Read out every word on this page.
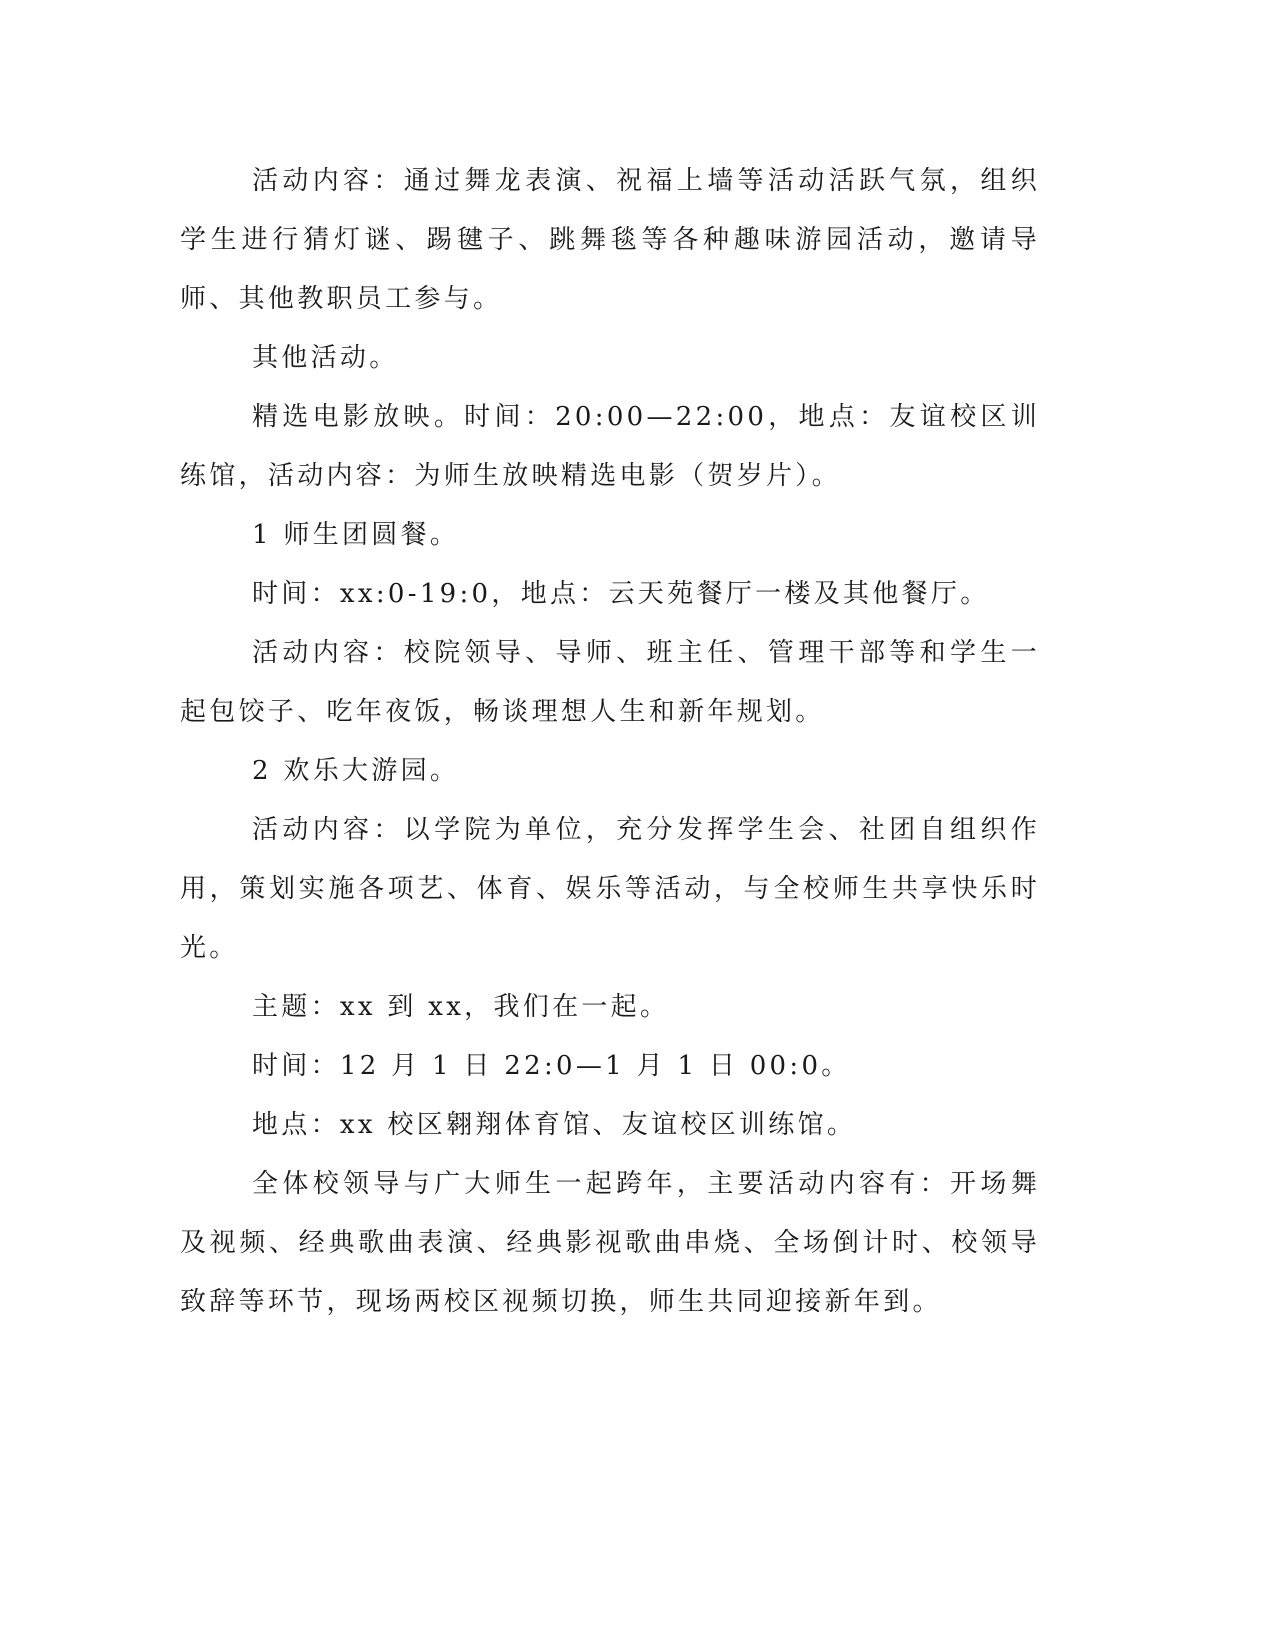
活动内容：通过舞龙表演、祝福上墙等活动活跃气氛，组织学生进行猜灯谜、踢毽子、跳舞毯等各种趣味游园活动，邀请导师、其他教职员工参与。

其他活动。

精选电影放映。时间：20:00—22:00，地点：友谊校区训练馆，活动内容：为师生放映精选电影（贺岁片）。

1 师生团圆餐。

时间：xx:0-19:0，地点：云天苑餐厅一楼及其他餐厅。

活动内容：校院领导、导师、班主任、管理干部等和学生一起包饺子、吃年夜饭，畅谈理想人生和新年规划。

2 欢乐大游园。

活动内容：以学院为单位，充分发挥学生会、社团自组织作用，策划实施各项艺、体育、娱乐等活动，与全校师生共享快乐时光。

主题：xx 到 xx，我们在一起。

时间：12 月 1 日 22:0—1 月 1 日 00:0。

地点：xx 校区翱翔体育馆、友谊校区训练馆。

全体校领导与广大师生一起跨年，主要活动内容有：开场舞及视频、经典歌曲表演、经典影视歌曲串烧、全场倒计时、校领导致辞等环节，现场两校区视频切换，师生共同迎接新年到。
